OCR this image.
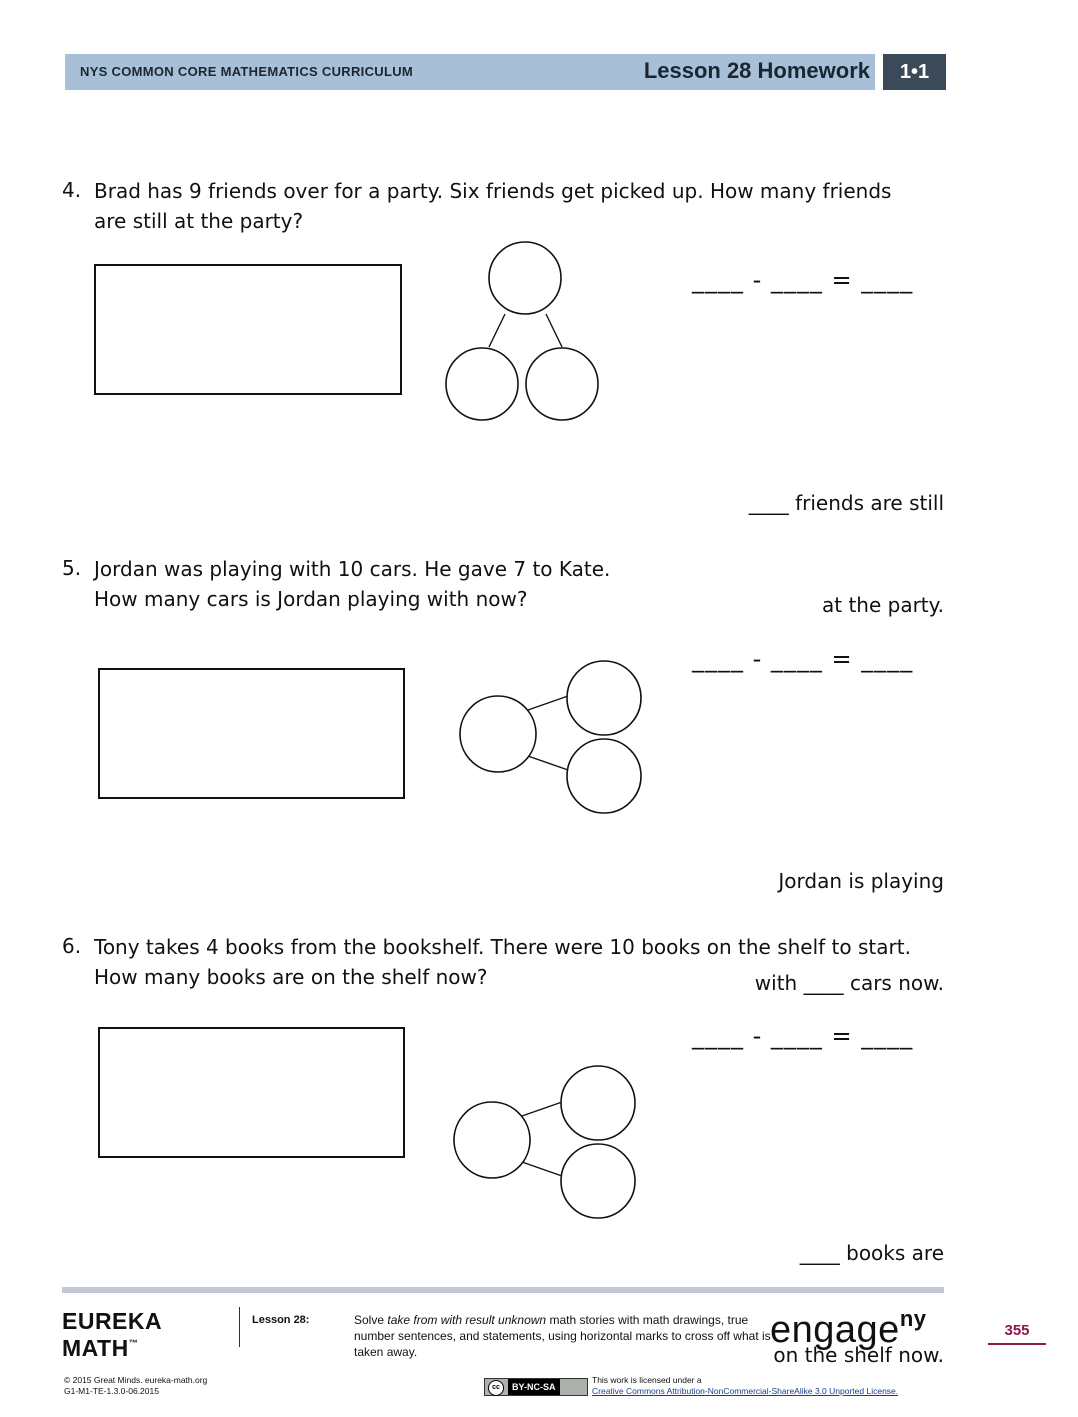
NYS COMMON CORE MATHEMATICS CURRICULUM	Lesson 28 Homework	1•1
4. Brad has 9 friends over for a party. Six friends get picked up. How many friends
are still at the party?
____ - ____ = ____

____ friends are still

at the party.

5. Jordan was playing with 10 cars. He gave 7 to Kate.
How many cars is Jordan playing with now?
____ - ____ = ____

Jordan is playing

with ____ cars now.

6. Tony takes 4 books from the bookshelf. There were 10 books on the shelf to start.
How many books are on the shelf now?
____ - ____ = ____

____ books are

on the shelf now.

EUREKA
MATH™
Lesson 28:	Solve take from with result unknown math stories with math drawings, true number sentences, and statements, using horizontal marks to cross off what is taken away.
engage$^{ny}$	355
© 2015 Great Minds. eureka-math.org
G1-M1-TE-1.3.0-06.2015	cc BY-NC-SA
This work is licensed under a
Creative Commons Attribution-NonCommercial-ShareAlike 3.0 Unported License.
